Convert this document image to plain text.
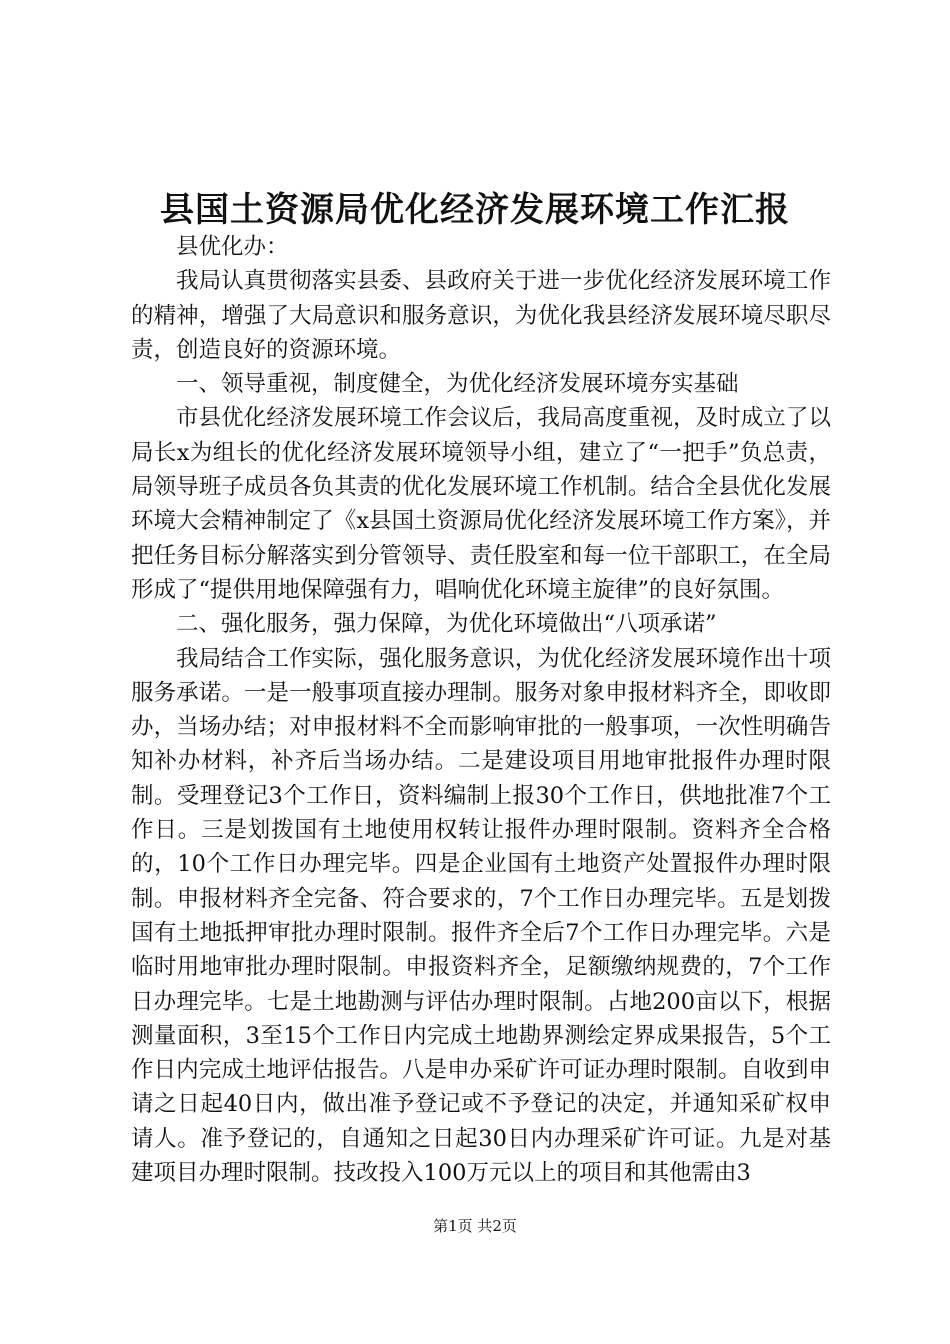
县国土资源局优化经济发展环境工作汇报

县优化办：

我局认真贯彻落实县委、县政府关于进一步优化经济发展环境工作的精神，增强了大局意识和服务意识，为优化我县经济发展环境尽职尽责，创造良好的资源环境。

一、领导重视，制度健全，为优化经济发展环境夯实基础

市县优化经济发展环境工作会议后，我局高度重视，及时成立了以局长x为组长的优化经济发展环境领导小组，建立了“一把手”负总责，局领导班子成员各负其责的优化发展环境工作机制。结合全县优化发展环境大会精神制定了《x县国土资源局优化经济发展环境工作方案》，并把任务目标分解落实到分管领导、责任股室和每一位干部职工，在全局形成了“提供用地保障强有力，唱响优化环境主旋律”的良好氛围。

二、强化服务，强力保障，为优化环境做出“八项承诺”

我局结合工作实际，强化服务意识，为优化经济发展环境作出十项服务承诺。一是一般事项直接办理制。服务对象申报材料齐全，即收即办，当场办结；对申报材料不全而影响审批的一般事项，一次性明确告知补办材料，补齐后当场办结。二是建设项目用地审批报件办理时限制。受理登记3个工作日，资料编制上报30个工作日，供地批准7个工作日。三是划拨国有土地使用权转让报件办理时限制。资料齐全合格的，10个工作日办理完毕。四是企业国有土地资产处置报件办理时限制。申报材料齐全完备、符合要求的，7个工作日办理完毕。五是划拨国有土地抵押审批办理时限制。报件齐全后7个工作日办理完毕。六是临时用地审批办理时限制。申报资料齐全，足额缴纳规费的，7个工作日办理完毕。七是土地勘测与评估办理时限制。占地200亩以下，根据测量面积，3至15个工作日内完成土地勘界测绘定界成果报告，5个工作日内完成土地评估报告。八是申办采矿许可证办理时限制。自收到申请之日起40日内，做出准予登记或不予登记的决定，并通知采矿权申请人。准予登记的，自通知之日起30日内办理采矿许可证。九是对基建项目办理时限制。技改投入100万元以上的项目和其他需由3

第1页 共2页
